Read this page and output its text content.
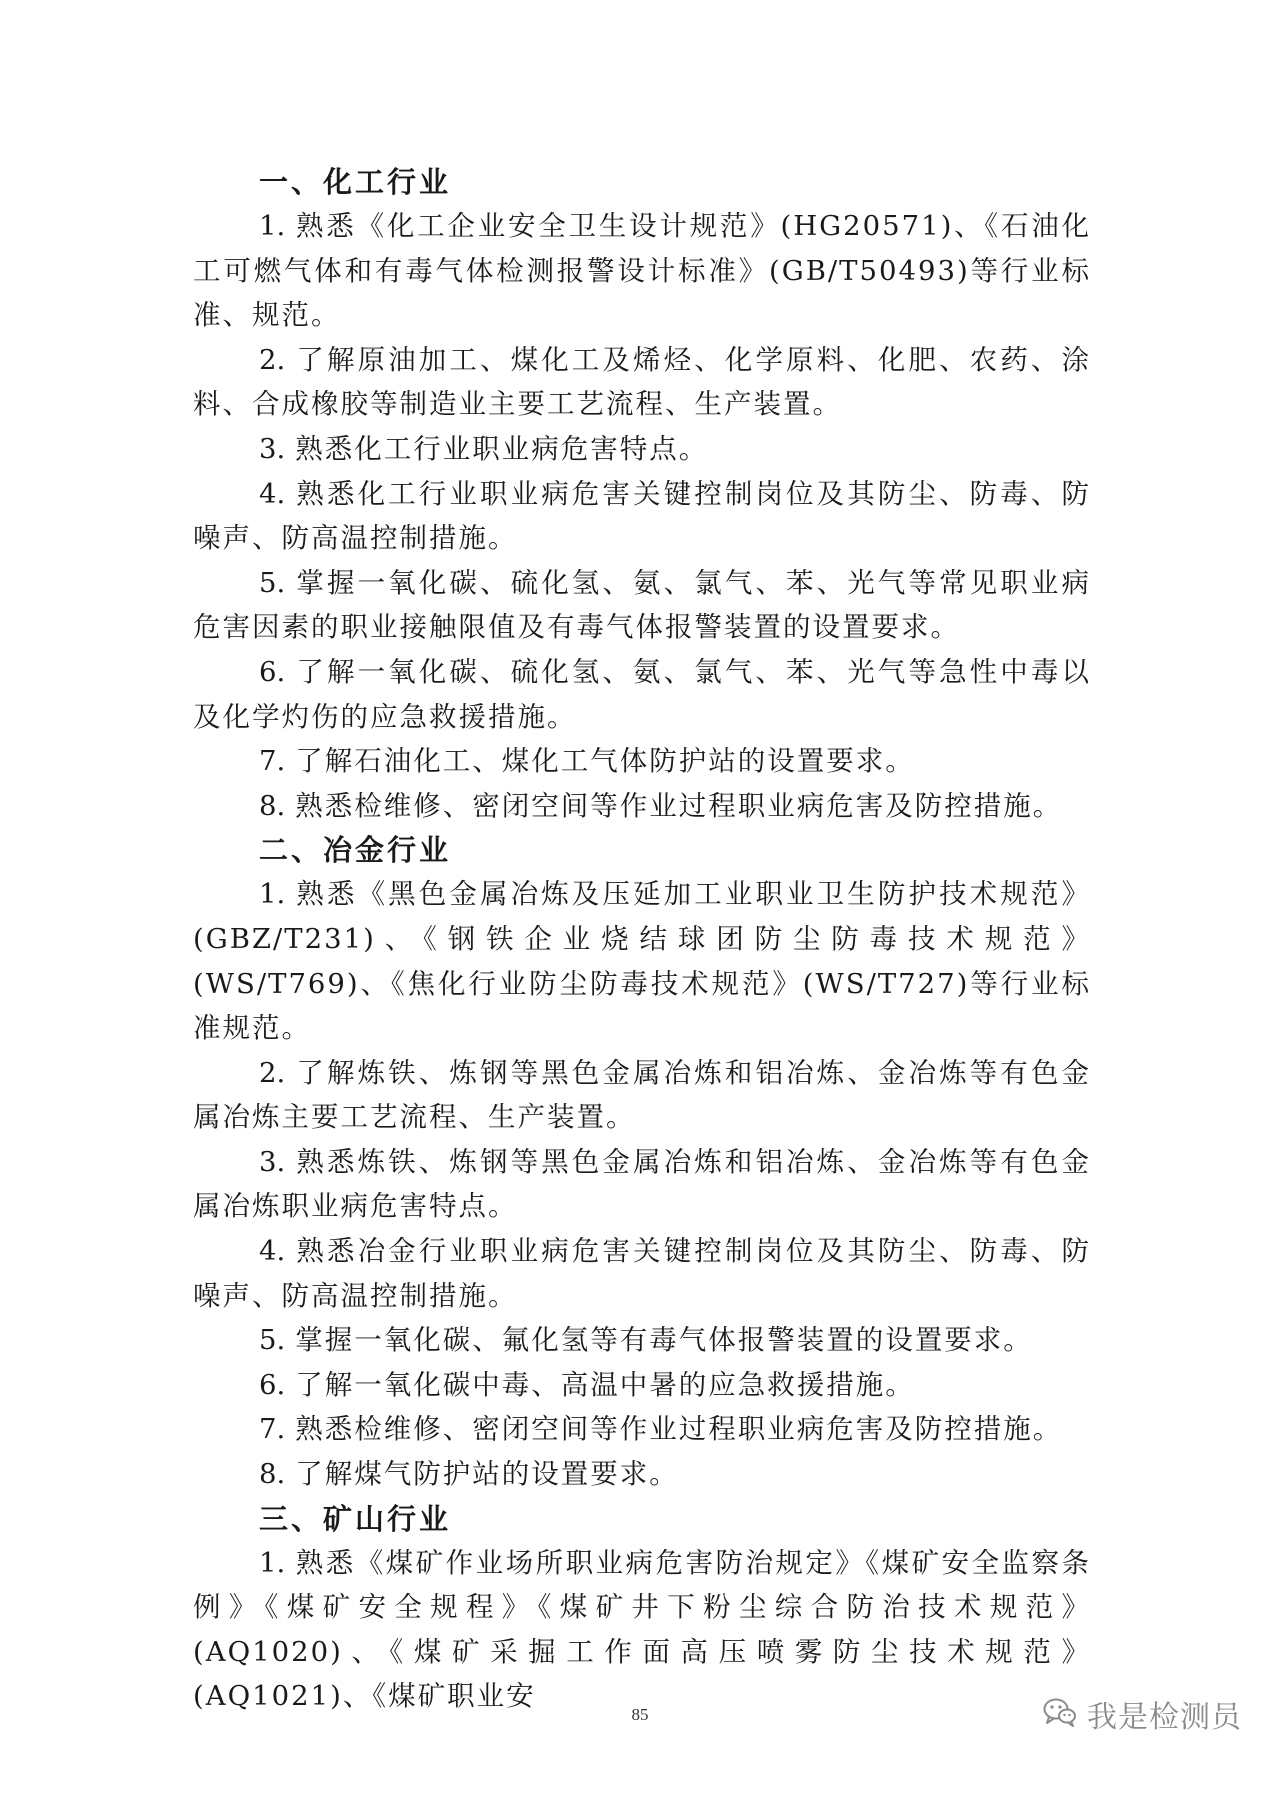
一、化工行业

1. 熟悉《化工企业安全卫生设计规范》(HG20571)、《石油化工可燃气体和有毒气体检测报警设计标准》(GB/T50493)等行业标准、规范。

2. 了解原油加工、煤化工及烯烃、化学原料、化肥、农药、涂料、合成橡胶等制造业主要工艺流程、生产装置。

3. 熟悉化工行业职业病危害特点。

4. 熟悉化工行业职业病危害关键控制岗位及其防尘、防毒、防噪声、防高温控制措施。

5. 掌握一氧化碳、硫化氢、氨、氯气、苯、光气等常见职业病危害因素的职业接触限值及有毒气体报警装置的设置要求。

6. 了解一氧化碳、硫化氢、氨、氯气、苯、光气等急性中毒以及化学灼伤的应急救援措施。

7. 了解石油化工、煤化工气体防护站的设置要求。

8. 熟悉检维修、密闭空间等作业过程职业病危害及防控措施。

二、冶金行业

1. 熟悉《黑色金属冶炼及压延加工业职业卫生防护技术规范》(GBZ/T231)、《钢铁企业烧结球团防尘防毒技术规范》(WS/T769)、《焦化行业防尘防毒技术规范》(WS/T727)等行业标准规范。

2. 了解炼铁、炼钢等黑色金属冶炼和铝冶炼、金冶炼等有色金属冶炼主要工艺流程、生产装置。

3. 熟悉炼铁、炼钢等黑色金属冶炼和铝冶炼、金冶炼等有色金属冶炼职业病危害特点。

4. 熟悉冶金行业职业病危害关键控制岗位及其防尘、防毒、防噪声、防高温控制措施。

5. 掌握一氧化碳、氟化氢等有毒气体报警装置的设置要求。

6. 了解一氧化碳中毒、高温中暑的应急救援措施。

7. 熟悉检维修、密闭空间等作业过程职业病危害及防控措施。

8. 了解煤气防护站的设置要求。

三、矿山行业

1. 熟悉《煤矿作业场所职业病危害防治规定》《煤矿安全监察条例》《煤矿安全规程》《煤矿井下粉尘综合防治技术规范》(AQ1020)、《煤矿采掘工作面高压喷雾防尘技术规范》(AQ1021)、《煤矿职业安

85	我是检测员
